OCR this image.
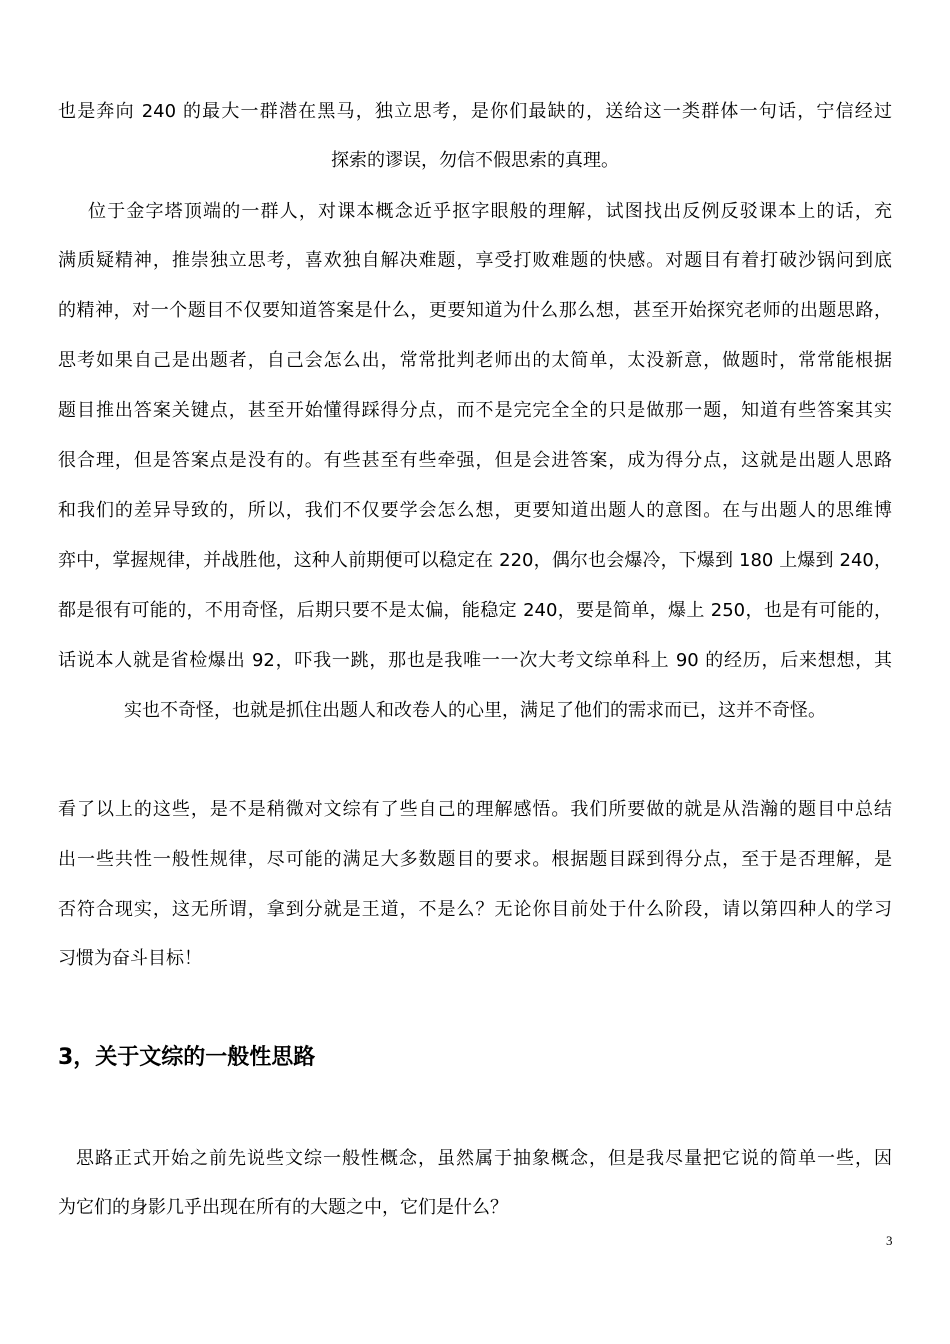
也是奔向 240 的最大一群潜在黑马，独立思考，是你们最缺的，送给这一类群体一句话，宁信经过
探索的谬误，勿信不假思索的真理。
位于金字塔顶端的一群人，对课本概念近乎抠字眼般的理解，试图找出反例反驳课本上的话，充
满质疑精神，推崇独立思考，喜欢独自解决难题，享受打败难题的快感。对题目有着打破沙锅问到底
的精神，对一个题目不仅要知道答案是什么，更要知道为什么那么想，甚至开始探究老师的出题思路，
思考如果自己是出题者，自己会怎么出，常常批判老师出的太简单，太没新意，做题时，常常能根据
题目推出答案关键点，甚至开始懂得踩得分点，而不是完完全全的只是做那一题，知道有些答案其实
很合理，但是答案点是没有的。有些甚至有些牵强，但是会进答案，成为得分点，这就是出题人思路
和我们的差异导致的，所以，我们不仅要学会怎么想，更要知道出题人的意图。在与出题人的思维博
弈中，掌握规律，并战胜他，这种人前期便可以稳定在 220，偶尔也会爆冷，下爆到 180 上爆到 240，
都是很有可能的，不用奇怪，后期只要不是太偏，能稳定 240，要是简单，爆上 250，也是有可能的，
话说本人就是省检爆出 92，吓我一跳，那也是我唯一一次大考文综单科上 90 的经历，后来想想，其
实也不奇怪，也就是抓住出题人和改卷人的心里，满足了他们的需求而已，这并不奇怪。
看了以上的这些，是不是稍微对文综有了些自己的理解感悟。我们所要做的就是从浩瀚的题目中总结
出一些共性一般性规律，尽可能的满足大多数题目的要求。根据题目踩到得分点，至于是否理解，是
否符合现实，这无所谓，拿到分就是王道，不是么？无论你目前处于什么阶段，请以第四种人的学习
习惯为奋斗目标！
3，关于文综的一般性思路
思路正式开始之前先说些文综一般性概念，虽然属于抽象概念，但是我尽量把它说的简单一些，因
为它们的身影几乎出现在所有的大题之中，它们是什么？
3
